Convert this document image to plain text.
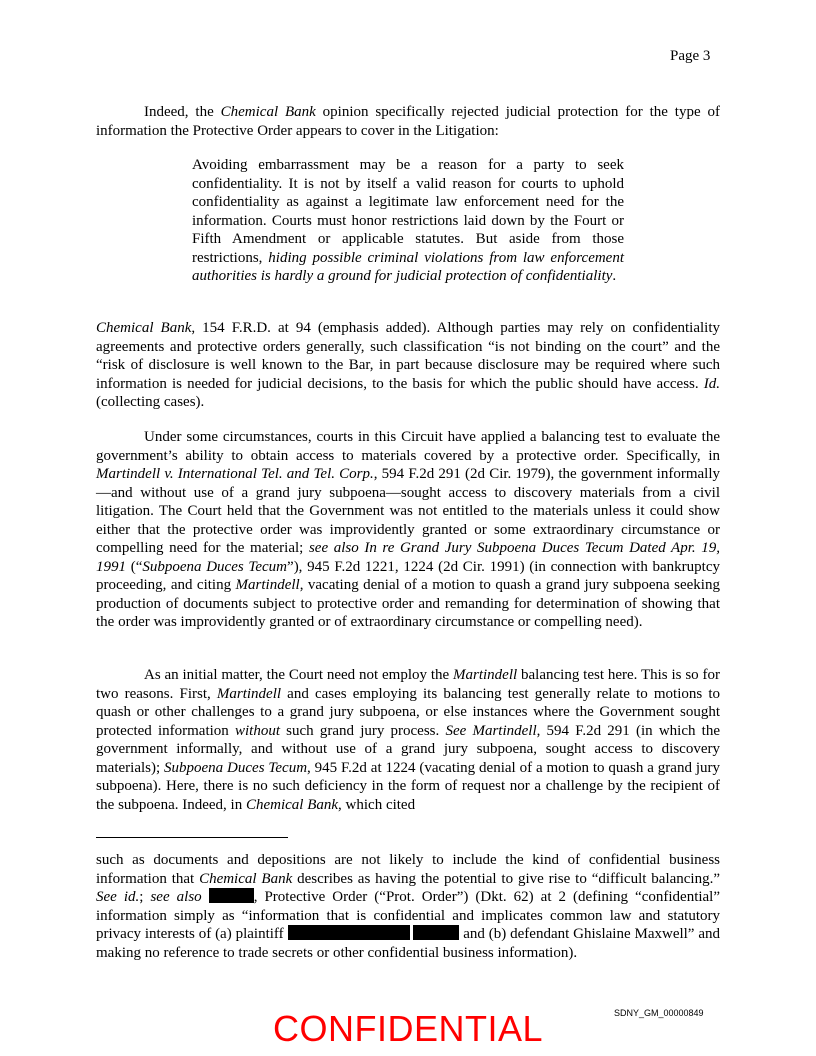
Page 3

Indeed, the Chemical Bank opinion specifically rejected judicial protection for the type of information the Protective Order appears to cover in the Litigation:

Avoiding embarrassment may be a reason for a party to seek confidentiality. It is not by itself a valid reason for courts to uphold confidentiality as against a legitimate law enforcement need for the information. Courts must honor restrictions laid down by the Fourt or Fifth Amendment or applicable statutes. But aside from those restrictions, hiding possible criminal violations from law enforcement authorities is hardly a ground for judicial protection of confidentiality.

Chemical Bank, 154 F.R.D. at 94 (emphasis added). Although parties may rely on confidentiality agreements and protective orders generally, such classification “is not binding on the court” and the “risk of disclosure is well known to the Bar, in part because disclosure may be required where such information is needed for judicial decisions, to the basis for which the public should have access. Id. (collecting cases).

Under some circumstances, courts in this Circuit have applied a balancing test to evaluate the government’s ability to obtain access to materials covered by a protective order. Specifically, in Martindell v. International Tel. and Tel. Corp., 594 F.2d 291 (2d Cir. 1979), the government informally—and without use of a grand jury subpoena—sought access to discovery materials from a civil litigation. The Court held that the Government was not entitled to the materials unless it could show either that the protective order was improvidently granted or some extraordinary circumstance or compelling need for the material; see also In re Grand Jury Subpoena Duces Tecum Dated Apr. 19, 1991 (“Subpoena Duces Tecum”), 945 F.2d 1221, 1224 (2d Cir. 1991) (in connection with bankruptcy proceeding, and citing Martindell, vacating denial of a motion to quash a grand jury subpoena seeking production of documents subject to protective order and remanding for determination of showing that the order was improvidently granted or of extraordinary circumstance or compelling need).

As an initial matter, the Court need not employ the Martindell balancing test here. This is so for two reasons. First, Martindell and cases employing its balancing test generally relate to motions to quash or other challenges to a grand jury subpoena, or else instances where the Government sought protected information without such grand jury process. See Martindell, 594 F.2d 291 (in which the government informally, and without use of a grand jury subpoena, sought access to discovery materials); Subpoena Duces Tecum, 945 F.2d at 1224 (vacating denial of a motion to quash a grand jury subpoena). Here, there is no such deficiency in the form of request nor a challenge by the recipient of the subpoena. Indeed, in Chemical Bank, which cited

such as documents and depositions are not likely to include the kind of confidential business information that Chemical Bank describes as having the potential to give rise to “difficult balancing.” See id.; see also	, Protective Order (“Prot. Order”) (Dkt. 62) at 2 (defining “confidential” information simply as “information that is confidential and implicates common law and statutory privacy interests of (a) plaintiff	and (b) defendant Ghislaine Maxwell” and making no reference to trade secrets or other confidential business information).

SDNY_GM_00000849
CONFIDENTIAL
